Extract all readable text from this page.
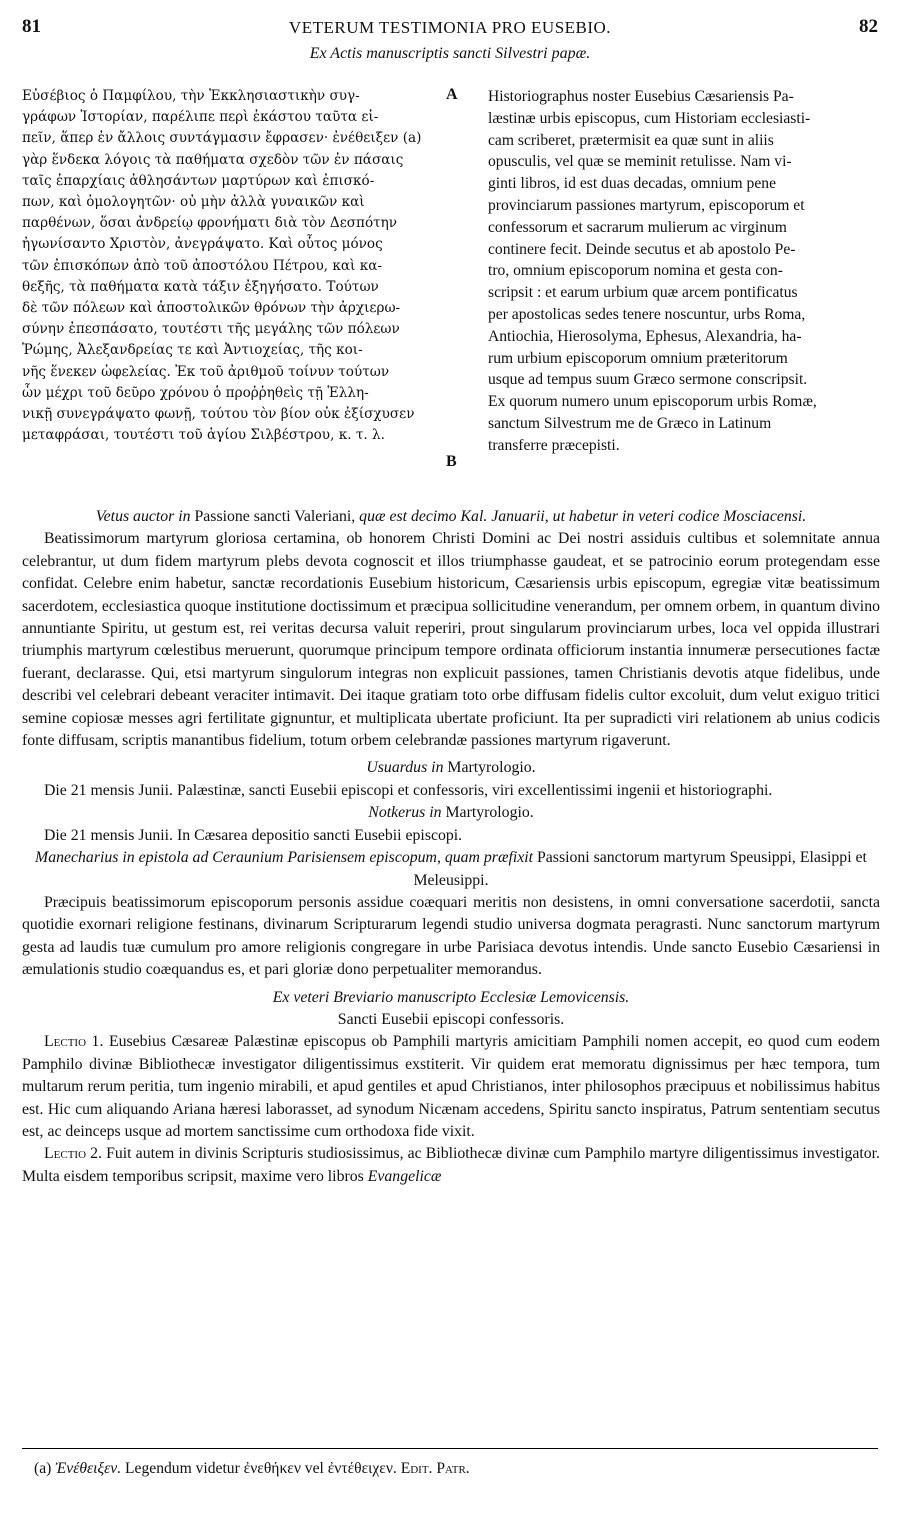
81	VETERUM TESTIMONIA PRO EUSEBIO.	82
Ex Actis manuscriptis sancti Silvestri papæ.
Εὐσέβιος ὁ Παμφίλου, τὴν Ἐκκλησιαστικὴν συγ-
γράφων Ἱστορίαν, παρέλιπε περὶ ἑκάστου ταῦτα εἰ-
πεῖν, ἅπερ ἐν ἄλλοις συντάγμασιν ἔφρασεν· ἐνέθειξεν (a)
γὰρ ἕνδεκα λόγοις τὰ παθήματα σχεδὸν τῶν ἐν πάσαις
ταῖς ἐπαρχίαις ἀθλησάντων μαρτύρων καὶ ἐπισκό-
πων, καὶ ὁμολογητῶν· οὐ μὴν ἀλλὰ γυναικῶν καὶ
παρθένων, ὅσαι ἀνδρείῳ φρονήματι διὰ τὸν Δεσπότην
ἠγωνίσαντο Χριστὸν, ἀνεγράψατο. Καὶ οὗτος μόνος
τῶν ἐπισκόπων ἀπὸ τοῦ ἀποστόλου Πέτρου, καὶ κα-
θεξῆς, τὰ παθήματα κατὰ τάξιν ἐξηγήσατο. Τούτων
δὲ τῶν πόλεων καὶ ἀποστολικῶν θρόνων τὴν ἀρχιερω-
σύνην ἐπεσπάσατο, τουτέστι τῆς μεγάλης τῶν πόλεων
Ῥώμης, Ἀλεξανδρείας τε καὶ Ἀντιοχείας, τῆς κοι-
νῆς ἕνεκεν ὠφελείας. Ἐκ τοῦ ἀριθμοῦ τοίνυν τούτων
ὧν μέχρι τοῦ δεῦρο χρόνου ὁ προῤῥηθεὶς τῇ Ἑλλη-
νικῇ συνεγράψατο φωνῇ, τούτου τὸν βίον οὐκ ἐξίσχυσεν
μεταφράσαι, τουτέστι τοῦ ἁγίου Σιλβέστρου, κ. τ. λ.
A
B
Historiographus noster Eusebius Cæsariensis Pa-
læstinæ urbis episcopus, cum Historiam ecclesiasti-
cam scriberet, prætermisit ea quæ sunt in aliis
opusculis, vel quæ se meminit retulisse. Nam vi-
ginti libros, id est duas decadas, omnium pene
provinciarum passiones martyrum, episcoporum et
confessorum et sacrarum mulierum ac virginum
continere fecit. Deinde secutus et ab apostolo Pe-
tro, omnium episcoporum nomina et gesta con-
scripsit : et earum urbium quæ arcem pontificatus
per apostolicas sedes tenere noscuntur, urbs Roma,
Antiochia, Hierosolyma, Ephesus, Alexandria, ha-
rum urbium episcoporum omnium præteritorum
usque ad tempus suum Græco sermone conscripsit.
Ex quorum numero unum episcoporum urbis Romæ,
sanctum Silvestrum me de Græco in Latinum
transferre præcepisti.

Vetus auctor in Passione sancti Valeriani, quæ est decimo Kal. Januarii, ut habetur in veteri codice Mosciacensi.

Beatissimorum martyrum gloriosa certamina, ob honorem Christi Domini ac Dei nostri assiduis cultibus et solemnitate annua celebrantur, ut dum fidem martyrum plebs devota cognoscit et illos triumphasse gaudeat, et se patrocinio eorum protegendam esse confidat. Celebre enim habetur, sanctæ recordationis Eusebium historicum, Cæsariensis urbis episcopum, egregiæ vitæ beatissimum sacerdotem, ecclesiastica quoque institutione doctissimum et præcipua sollicitudine venerandum, per omnem orbem, in quantum divino annuntiante Spiritu, ut gestum est, rei veritas decursa valuit reperiri, prout singularum provinciarum urbes, loca vel oppida illustrari triumphis martyrum cœlestibus meruerunt, quorumque principum tempore ordinata officiorum instantia innumeræ persecutiones factæ fuerant, declarasse. Qui, etsi martyrum singulorum integras non explicuit passiones, tamen Christianis devotis atque fidelibus, unde describi vel celebrari debeant veraciter intimavit. Dei itaque gratiam toto orbe diffusam fidelis cultor excoluit, dum velut exiguo tritici semine copiosæ messes agri fertilitate gignuntur, et multiplicata ubertate proficiunt. Ita per supradicti viri relationem ab unius codicis fonte diffusam, scriptis manantibus fidelium, totum orbem celebrandæ passiones martyrum rigaverunt.

Usuardus in Martyrologio.

Die 21 mensis Junii. Palæstinæ, sancti Eusebii episcopi et confessoris, viri excellentissimi ingenii et historiographi.

Notkerus in Martyrologio.

Die 21 mensis Junii. In Cæsarea depositio sancti Eusebii episcopi.

Manecharius in epistola ad Ceraunium Parisiensem episcopum, quam præfixit Passioni sanctorum martyrum Speusippi, Elasippi et Meleusippi.

Præcipuis beatissimorum episcoporum personis assidue coæquari meritis non desistens, in omni conversatione sacerdotii, sancta quotidie exornari religione festinans, divinarum Scripturarum legendi studio universa dogmata peragrasti. Nunc sanctorum martyrum gesta ad laudis tuæ cumulum pro amore religionis congregare in urbe Parisiaca devotus intendis. Unde sancto Eusebio Cæsariensi in æmulationis studio coæquandus es, et pari gloriæ dono perpetualiter memorandus.

Ex veteri Breviario manuscripto Ecclesiæ Lemovicensis.

Sancti Eusebii episcopi confessoris.

Lectio 1. Eusebius Cæsareæ Palæstinæ episcopus ob Pamphili martyris amicitiam Pamphili nomen accepit, eo quod cum eodem Pamphilo divinæ Bibliothecæ investigator diligentissimus exstiterit. Vir quidem erat memoratu dignissimus per hæc tempora, tum multarum rerum peritia, tum ingenio mirabili, et apud gentiles et apud Christianos, inter philosophos præcipuus et nobilissimus habitus est. Hic cum aliquando Ariana hæresi laborasset, ad synodum Nicænam accedens, Spiritu sancto inspiratus, Patrum sententiam secutus est, ac deinceps usque ad mortem sanctissime cum orthodoxa fide vixit.

Lectio 2. Fuit autem in divinis Scripturis studiosissimus, ac Bibliothecæ divinæ cum Pamphilo martyre diligentissimus investigator. Multa eisdem temporibus scripsit, maxime vero libros Evangelicæ

(a) Ἐνέθειξεν. Legendum videtur ἐνεθήκεν vel ἐντέθειχεν. Edit. Patr.
